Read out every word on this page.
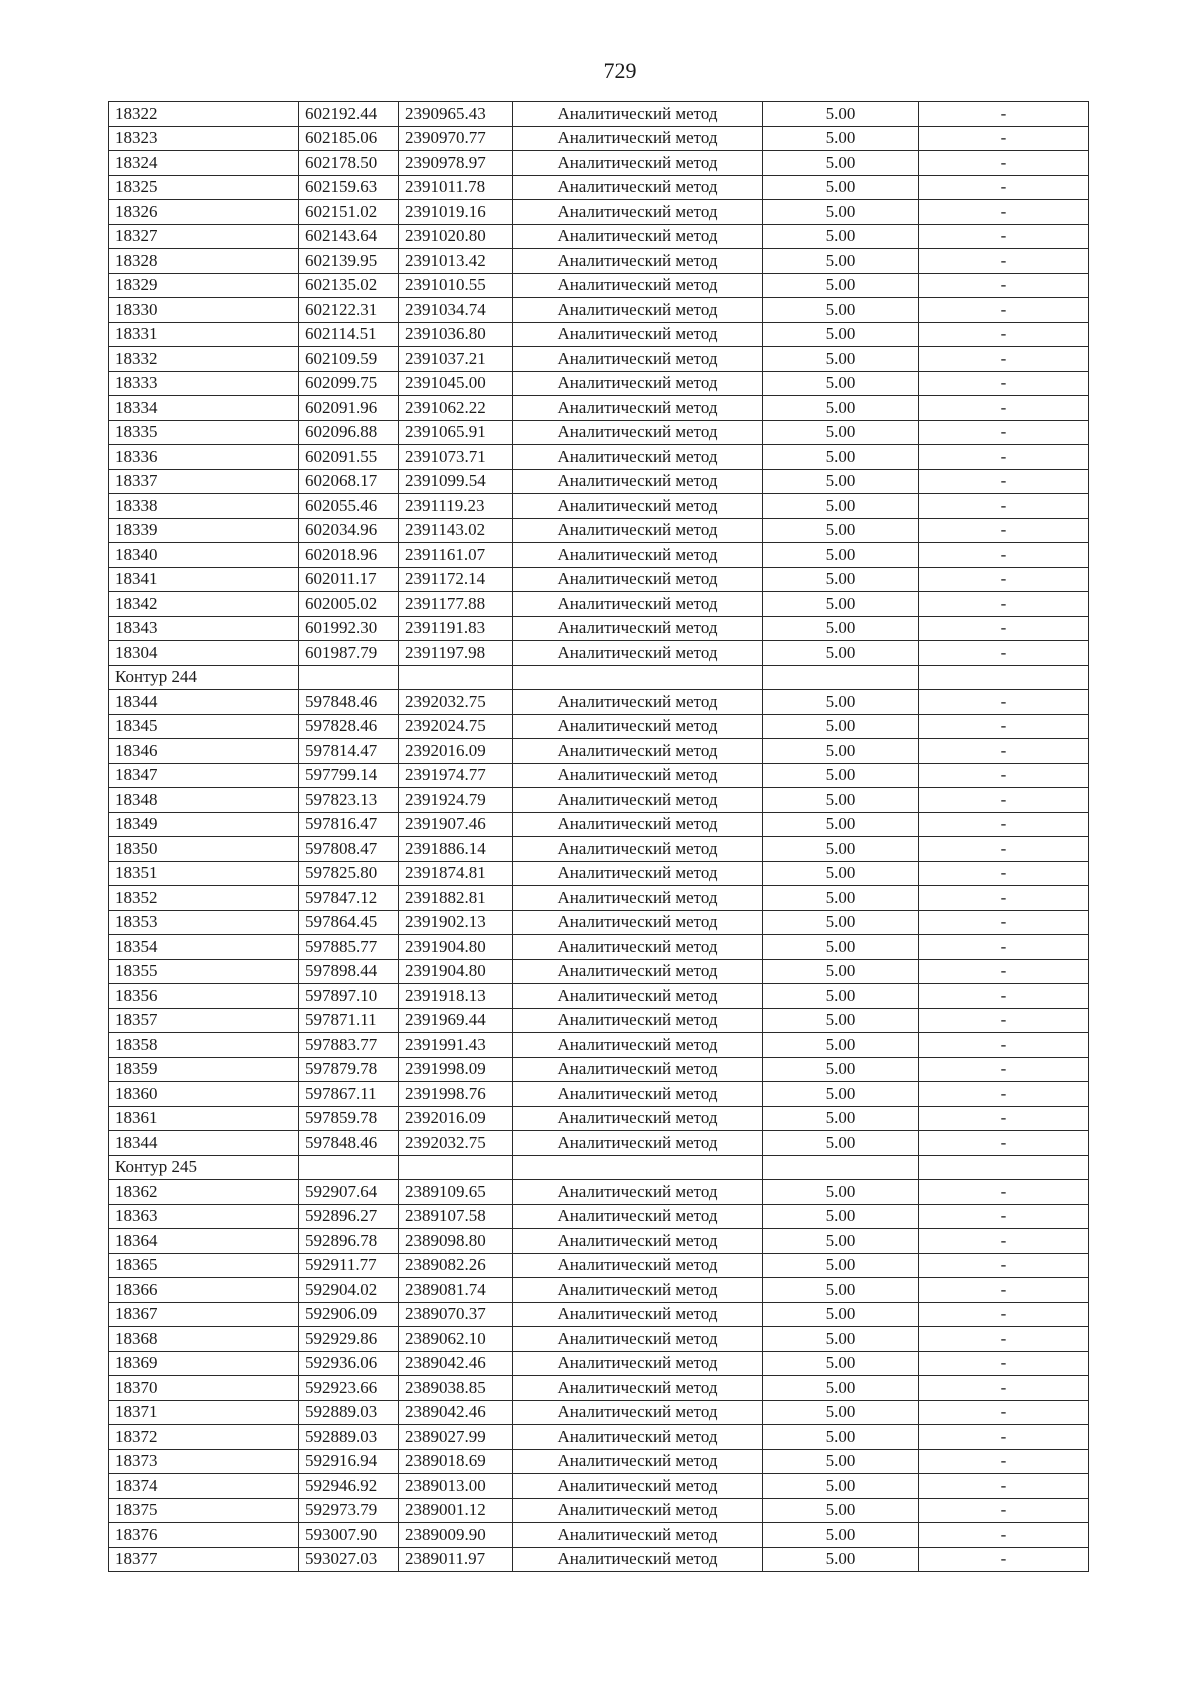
729
18322	602192.44	2390965.43	Аналитический метод	5.00	-
18323	602185.06	2390970.77	Аналитический метод	5.00	-
18324	602178.50	2390978.97	Аналитический метод	5.00	-
18325	602159.63	2391011.78	Аналитический метод	5.00	-
18326	602151.02	2391019.16	Аналитический метод	5.00	-
18327	602143.64	2391020.80	Аналитический метод	5.00	-
18328	602139.95	2391013.42	Аналитический метод	5.00	-
18329	602135.02	2391010.55	Аналитический метод	5.00	-
18330	602122.31	2391034.74	Аналитический метод	5.00	-
18331	602114.51	2391036.80	Аналитический метод	5.00	-
18332	602109.59	2391037.21	Аналитический метод	5.00	-
18333	602099.75	2391045.00	Аналитический метод	5.00	-
18334	602091.96	2391062.22	Аналитический метод	5.00	-
18335	602096.88	2391065.91	Аналитический метод	5.00	-
18336	602091.55	2391073.71	Аналитический метод	5.00	-
18337	602068.17	2391099.54	Аналитический метод	5.00	-
18338	602055.46	2391119.23	Аналитический метод	5.00	-
18339	602034.96	2391143.02	Аналитический метод	5.00	-
18340	602018.96	2391161.07	Аналитический метод	5.00	-
18341	602011.17	2391172.14	Аналитический метод	5.00	-
18342	602005.02	2391177.88	Аналитический метод	5.00	-
18343	601992.30	2391191.83	Аналитический метод	5.00	-
18304	601987.79	2391197.98	Аналитический метод	5.00	-
Контур 244					
18344	597848.46	2392032.75	Аналитический метод	5.00	-
18345	597828.46	2392024.75	Аналитический метод	5.00	-
18346	597814.47	2392016.09	Аналитический метод	5.00	-
18347	597799.14	2391974.77	Аналитический метод	5.00	-
18348	597823.13	2391924.79	Аналитический метод	5.00	-
18349	597816.47	2391907.46	Аналитический метод	5.00	-
18350	597808.47	2391886.14	Аналитический метод	5.00	-
18351	597825.80	2391874.81	Аналитический метод	5.00	-
18352	597847.12	2391882.81	Аналитический метод	5.00	-
18353	597864.45	2391902.13	Аналитический метод	5.00	-
18354	597885.77	2391904.80	Аналитический метод	5.00	-
18355	597898.44	2391904.80	Аналитический метод	5.00	-
18356	597897.10	2391918.13	Аналитический метод	5.00	-
18357	597871.11	2391969.44	Аналитический метод	5.00	-
18358	597883.77	2391991.43	Аналитический метод	5.00	-
18359	597879.78	2391998.09	Аналитический метод	5.00	-
18360	597867.11	2391998.76	Аналитический метод	5.00	-
18361	597859.78	2392016.09	Аналитический метод	5.00	-
18344	597848.46	2392032.75	Аналитический метод	5.00	-
Контур 245					
18362	592907.64	2389109.65	Аналитический метод	5.00	-
18363	592896.27	2389107.58	Аналитический метод	5.00	-
18364	592896.78	2389098.80	Аналитический метод	5.00	-
18365	592911.77	2389082.26	Аналитический метод	5.00	-
18366	592904.02	2389081.74	Аналитический метод	5.00	-
18367	592906.09	2389070.37	Аналитический метод	5.00	-
18368	592929.86	2389062.10	Аналитический метод	5.00	-
18369	592936.06	2389042.46	Аналитический метод	5.00	-
18370	592923.66	2389038.85	Аналитический метод	5.00	-
18371	592889.03	2389042.46	Аналитический метод	5.00	-
18372	592889.03	2389027.99	Аналитический метод	5.00	-
18373	592916.94	2389018.69	Аналитический метод	5.00	-
18374	592946.92	2389013.00	Аналитический метод	5.00	-
18375	592973.79	2389001.12	Аналитический метод	5.00	-
18376	593007.90	2389009.90	Аналитический метод	5.00	-
18377	593027.03	2389011.97	Аналитический метод	5.00	-
